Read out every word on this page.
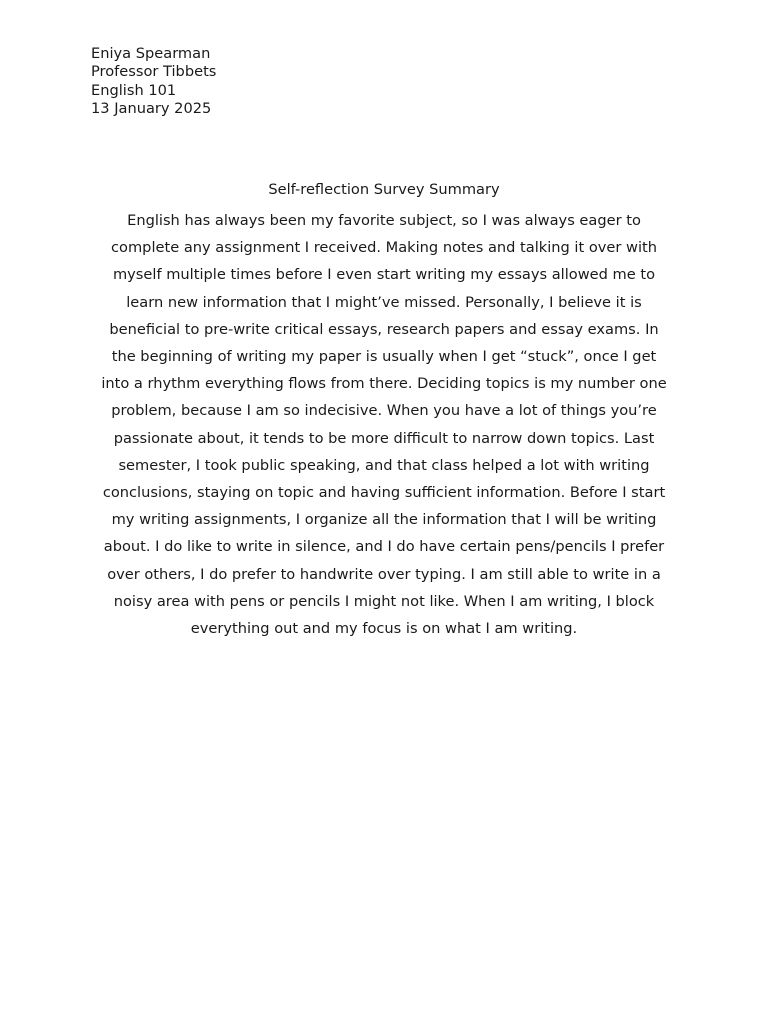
Eniya Spearman
Professor Tibbets
English 101
13 January 2025
Self-reflection Survey Summary
English has always been my favorite subject, so I was always eager to
complete any assignment I received. Making notes and talking it over with
myself multiple times before I even start writing my essays allowed me to
learn new information that I might’ve missed. Personally, I believe it is
beneficial to pre-write critical essays, research papers and essay exams. In
the beginning of writing my paper is usually when I get “stuck”, once I get
into a rhythm everything flows from there. Deciding topics is my number one
problem, because I am so indecisive. When you have a lot of things you’re
passionate about, it tends to be more difficult to narrow down topics. Last
semester, I took public speaking, and that class helped a lot with writing
conclusions, staying on topic and having sufficient information. Before I start
my writing assignments, I organize all the information that I will be writing
about. I do like to write in silence, and I do have certain pens/pencils I prefer
over others, I do prefer to handwrite over typing. I am still able to write in a
noisy area with pens or pencils I might not like. When I am writing, I block
everything out and my focus is on what I am writing.
